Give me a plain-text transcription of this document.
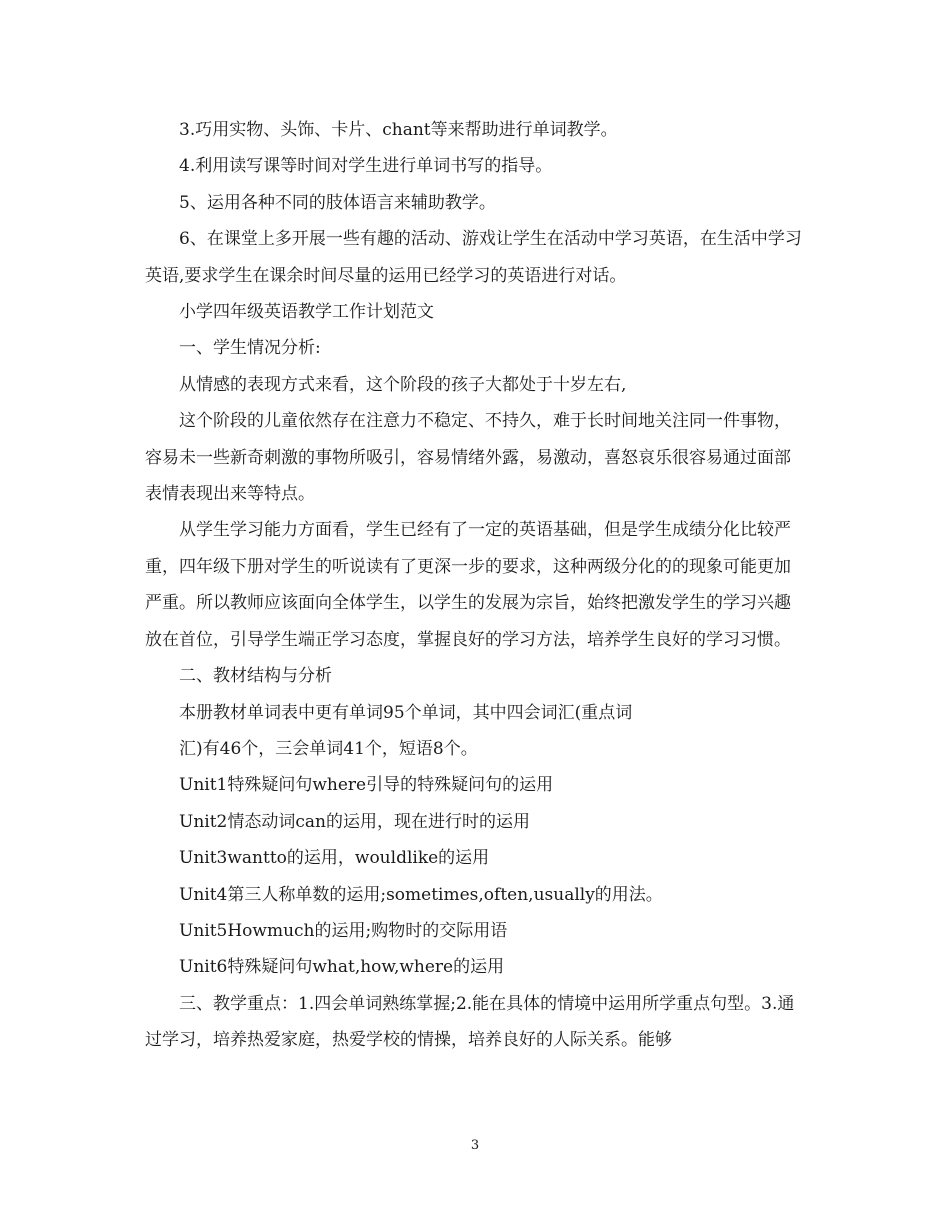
3.巧用实物、头饰、卡片、chant等来帮助进行单词教学。

4.利用读写课等时间对学生进行单词书写的指导。

5、运用各种不同的肢体语言来辅助教学。

6、在课堂上多开展一些有趣的活动、游戏让学生在活动中学习英语，在生活中学习英语,要求学生在课余时间尽量的运用已经学习的英语进行对话。

小学四年级英语教学工作计划范文

一、学生情况分析:

从情感的表现方式来看，这个阶段的孩子大都处于十岁左右,

这个阶段的儿童依然存在注意力不稳定、不持久，难于长时间地关注同一件事物，容易未一些新奇刺激的事物所吸引，容易情绪外露，易激动，喜怒哀乐很容易通过面部表情表现出来等特点。

从学生学习能力方面看，学生已经有了一定的英语基础，但是学生成绩分化比较严重，四年级下册对学生的听说读有了更深一步的要求，这种两级分化的的现象可能更加严重。所以教师应该面向全体学生，以学生的发展为宗旨，始终把激发学生的学习兴趣放在首位，引导学生端正学习态度，掌握良好的学习方法，培养学生良好的学习习惯。

二、教材结构与分析

本册教材单词表中更有单词95个单词，其中四会词汇(重点词

汇)有46个，三会单词41个，短语8个。

Unit1特殊疑问句where引导的特殊疑问句的运用

Unit2情态动词can的运用，现在进行时的运用

Unit3wantto的运用，wouldlike的运用

Unit4第三人称单数的运用;sometimes,often,usually的用法。

Unit5Howmuch的运用;购物时的交际用语

Unit6特殊疑问句what,how,where的运用

三、教学重点：1.四会单词熟练掌握;2.能在具体的情境中运用所学重点句型。3.通过学习，培养热爱家庭，热爱学校的情操，培养良好的人际关系。能够

3
